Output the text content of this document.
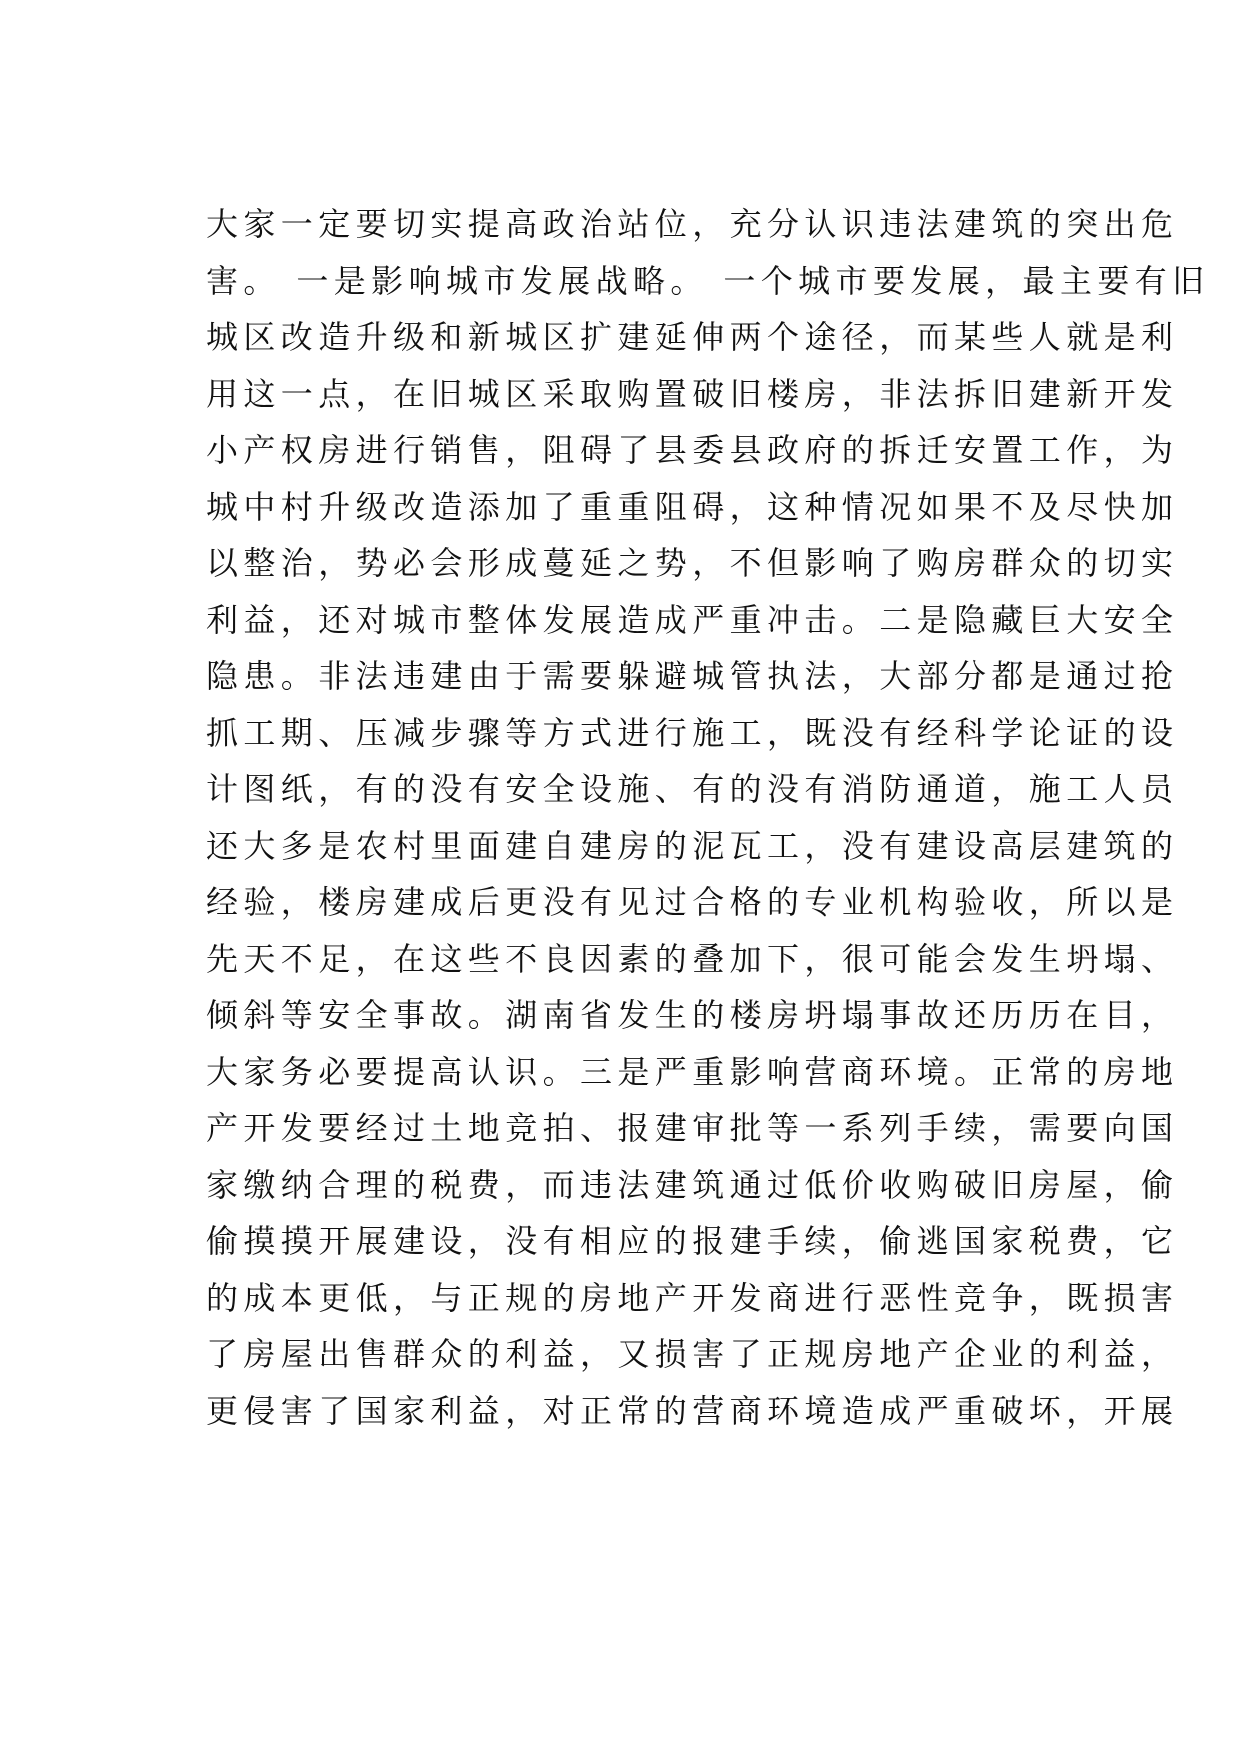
大家一定要切实提高政治站位，充分认识违法建筑的突出危
害。 一是影响城市发展战略。 一个城市要发展，最主要有旧
城区改造升级和新城区扩建延伸两个途径，而某些人就是利
用这一点，在旧城区采取购置破旧楼房，非法拆旧建新开发
小产权房进行销售，阻碍了县委县政府的拆迁安置工作，为
城中村升级改造添加了重重阻碍，这种情况如果不及尽快加
以整治，势必会形成蔓延之势，不但影响了购房群众的切实
利益，还对城市整体发展造成严重冲击。二是隐藏巨大安全
隐患。非法违建由于需要躲避城管执法，大部分都是通过抢
抓工期、压减步骤等方式进行施工，既没有经科学论证的设
计图纸，有的没有安全设施、有的没有消防通道，施工人员
还大多是农村里面建自建房的泥瓦工，没有建设高层建筑的
经验，楼房建成后更没有见过合格的专业机构验收，所以是
先天不足，在这些不良因素的叠加下，很可能会发生坍塌、
倾斜等安全事故。湖南省发生的楼房坍塌事故还历历在目，
大家务必要提高认识。三是严重影响营商环境。正常的房地
产开发要经过土地竞拍、报建审批等一系列手续，需要向国
家缴纳合理的税费，而违法建筑通过低价收购破旧房屋，偷
偷摸摸开展建设，没有相应的报建手续，偷逃国家税费，它
的成本更低，与正规的房地产开发商进行恶性竞争，既损害
了房屋出售群众的利益，又损害了正规房地产企业的利益，
更侵害了国家利益，对正常的营商环境造成严重破坏，开展
